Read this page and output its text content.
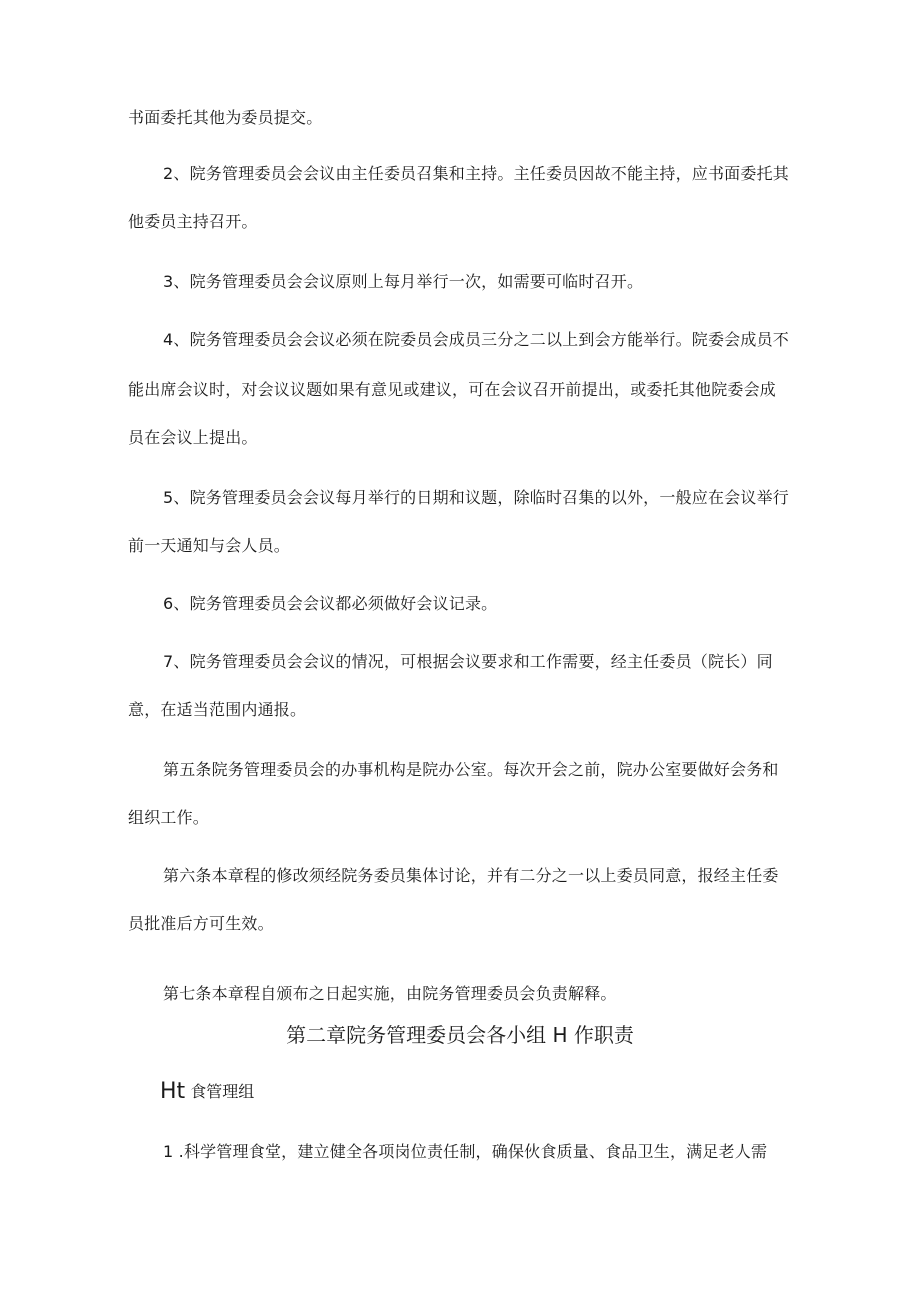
书面委托其他为委员提交。
2、院务管理委员会会议由主任委员召集和主持。主任委员因故不能主持，应书面委托其
他委员主持召开。
3、院务管理委员会会议原则上每月举行一次，如需要可临时召开。
4、院务管理委员会会议必须在院委员会成员三分之二以上到会方能举行。院委会成员不
能出席会议时，对会议议题如果有意见或建议，可在会议召开前提出，或委托其他院委会成
员在会议上提出。
5、院务管理委员会会议每月举行的日期和议题，除临时召集的以外，一般应在会议举行
前一天通知与会人员。
6、院务管理委员会会议都必须做好会议记录。
7、院务管理委员会会议的情况，可根据会议要求和工作需要，经主任委员（院长）同
意，在适当范围内通报。
第五条院务管理委员会的办事机构是院办公室。每次开会之前，院办公室要做好会务和
组织工作。
第六条本章程的修改须经院务委员集体讨论，并有二分之一以上委员同意，报经主任委
员批准后方可生效。
第七条本章程自颁布之日起实施，由院务管理委员会负责解释。
第二章院务管理委员会各小组 H 作职责
Ht 食管理组
1 .科学管理食堂，建立健全各项岗位责任制，确保伙食质量、食品卫生，满足老人需
